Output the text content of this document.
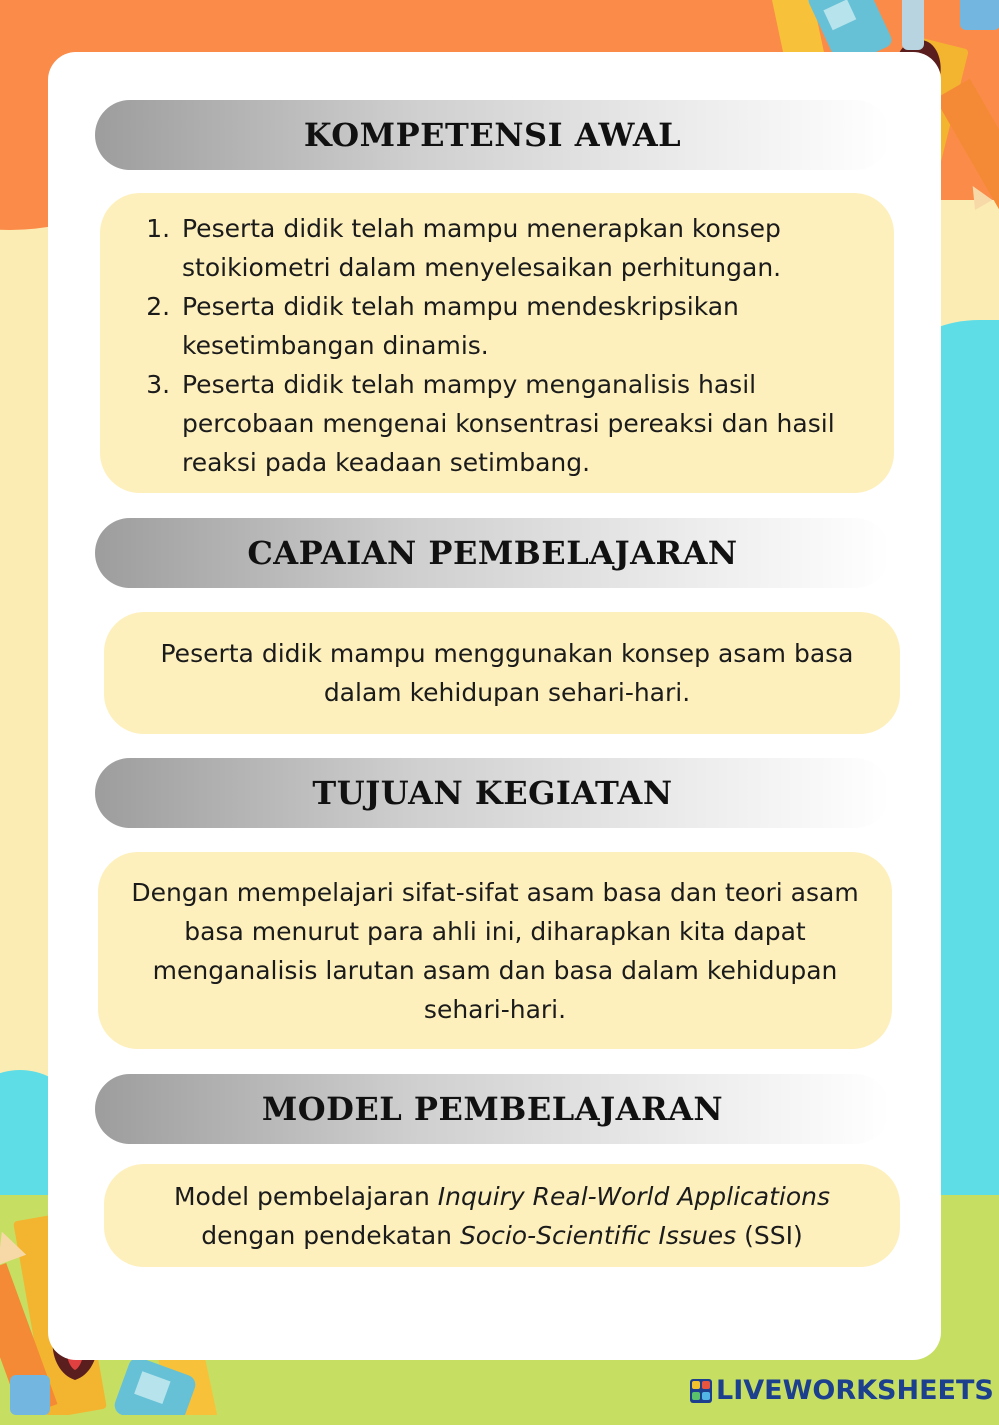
KOMPETENSI AWAL
1. Peserta didik telah mampu menerapkan konsep stoikiometri dalam menyelesaikan perhitungan.
2. Peserta didik telah mampu mendeskripsikan kesetimbangan dinamis.
3. Peserta didik telah mampy menganalisis hasil percobaan mengenai konsentrasi pereaksi dan hasil reaksi pada keadaan setimbang.
CAPAIAN PEMBELAJARAN
Peserta didik mampu menggunakan konsep asam basa dalam kehidupan sehari-hari.
TUJUAN KEGIATAN
Dengan mempelajari sifat-sifat asam basa dan teori asam basa menurut para ahli ini, diharapkan kita dapat menganalisis larutan asam dan basa dalam kehidupan sehari-hari.
MODEL PEMBELAJARAN
Model pembelajaran Inquiry Real-World Applications dengan pendekatan Socio-Scientific Issues (SSI)
LIVEWORKSHEETS
